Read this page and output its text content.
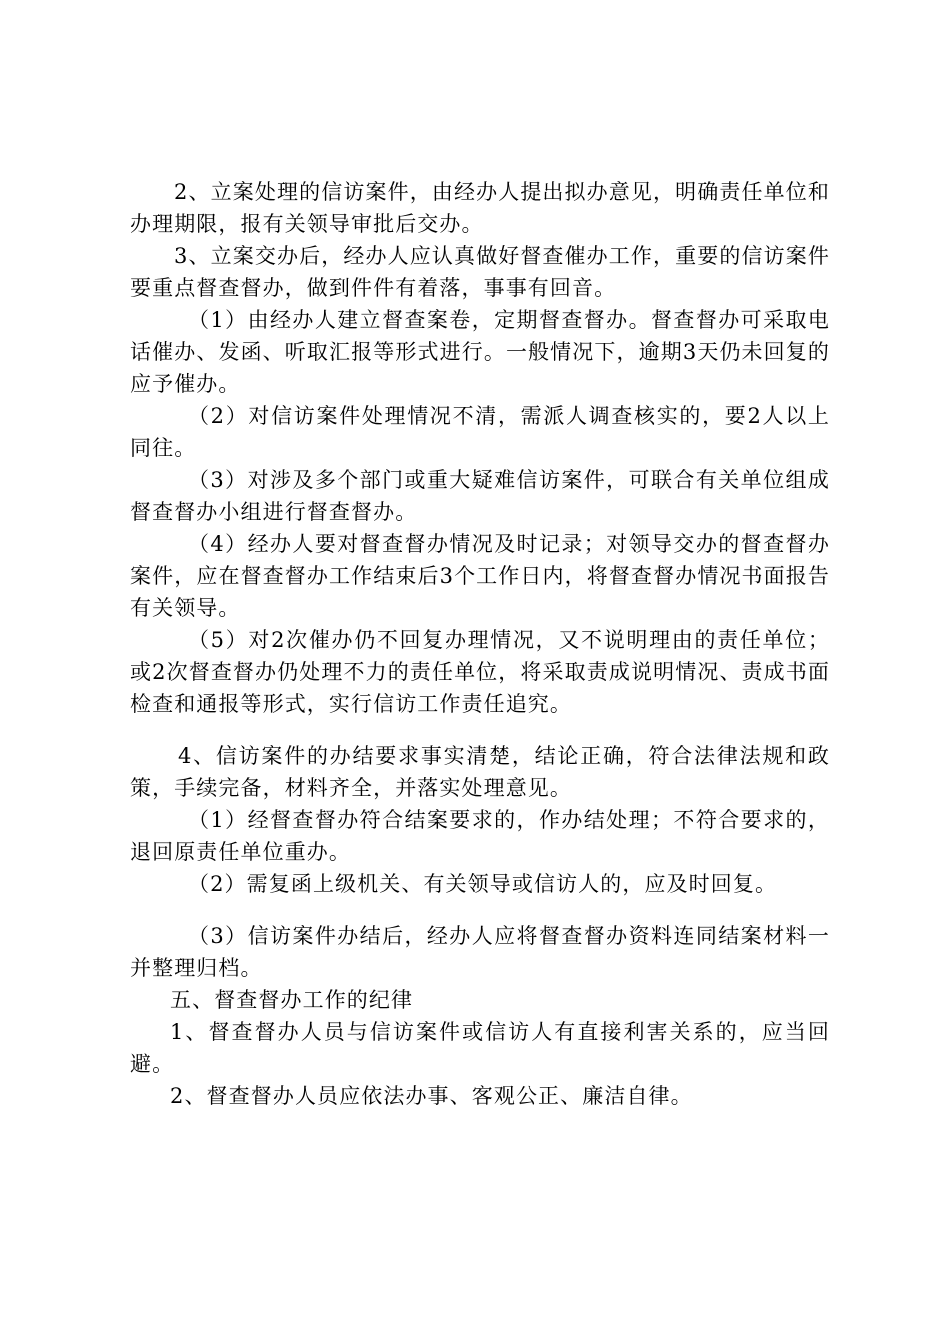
2、立案处理的信访案件，由经办人提出拟办意见，明确责任单位和办理期限，报有关领导审批后交办。

3、立案交办后，经办人应认真做好督查催办工作，重要的信访案件要重点督查督办，做到件件有着落，事事有回音。

（1）由经办人建立督查案卷，定期督查督办。督查督办可采取电话催办、发函、听取汇报等形式进行。一般情况下，逾期3天仍未回复的应予催办。

（2）对信访案件处理情况不清，需派人调查核实的，要2人以上同往。

（3）对涉及多个部门或重大疑难信访案件，可联合有关单位组成督查督办小组进行督查督办。

（4）经办人要对督查督办情况及时记录；对领导交办的督查督办案件，应在督查督办工作结束后3个工作日内，将督查督办情况书面报告有关领导。

（5）对2次催办仍不回复办理情况，又不说明理由的责任单位；或2次督查督办仍处理不力的责任单位，将采取责成说明情况、责成书面检查和通报等形式，实行信访工作责任追究。

4、信访案件的办结要求事实清楚，结论正确，符合法律法规和政策，手续完备，材料齐全，并落实处理意见。

（1）经督查督办符合结案要求的，作办结处理；不符合要求的，退回原责任单位重办。

（2）需复函上级机关、有关领导或信访人的，应及时回复。

（3）信访案件办结后，经办人应将督查督办资料连同结案材料一并整理归档。

五、督查督办工作的纪律

1、督查督办人员与信访案件或信访人有直接利害关系的，应当回避。

2、督查督办人员应依法办事、客观公正、廉洁自律。
